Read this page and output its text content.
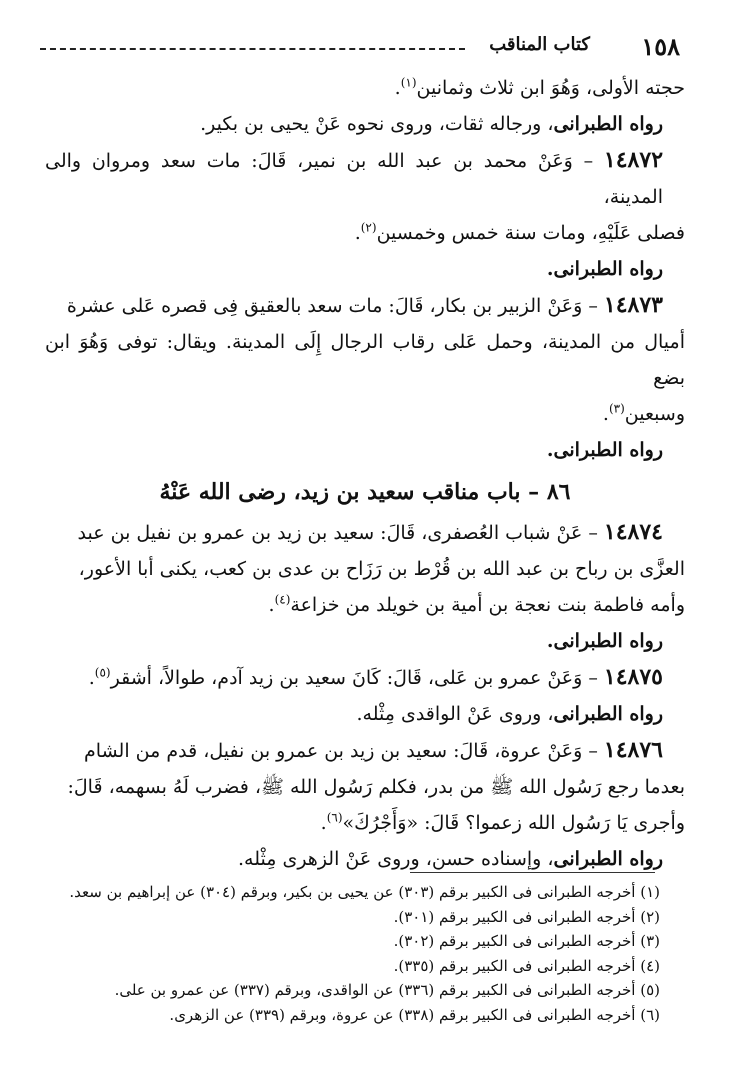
١٥٨
كتاب المناقب
حجته الأولى، وَهُوَ ابن ثلاث وثمانين$^{(١)}$.
رواه الطبرانى، ورجاله ثقات، وروى نحوه عَنْ يحيى بن بكير.
١٤٨٧٢ – وَعَنْ محمد بن عبد الله بن نمير، قَالَ: مات سعد ومروان والى المدينة،
فصلى عَلَيْهِ، ومات سنة خمس وخمسين$^{(٢)}$.
رواه الطبرانى.
١٤٨٧٣ – وَعَنْ الزبير بن بكار، قَالَ: مات سعد بالعقيق فِى قصره عَلى عشرة
أميال من المدينة، وحمل عَلى رقاب الرجال إِلَى المدينة. ويقال: توفى وَهُوَ ابن بضع
وسبعين$^{(٣)}$.
رواه الطبرانى.
٨٦ – باب مناقب سعيد بن زيد، رضى الله عَنْهُ
١٤٨٧٤ – عَنْ شباب العُصفرى، قَالَ: سعيد بن زيد بن عمرو بن نفيل بن عبد
العزَّى بن رباح بن عبد الله بن قُرْط بن رَزَاح بن عدى بن كعب، يكنى أبا الأعور،
وأمه فاطمة بنت نعجة بن أمية بن خويلد من خزاعة$^{(٤)}$.
رواه الطبرانى.
١٤٨٧٥ – وَعَنْ عمرو بن عَلى، قَالَ: كَانَ سعيد بن زيد آدم، طوالاً، أشقر$^{(٥)}$.
رواه الطبرانى، وروى عَنْ الواقدى مِثْله.
١٤٨٧٦ – وَعَنْ عروة، قَالَ: سعيد بن زيد بن عمرو بن نفيل، قدم من الشام
بعدما رجع رَسُول الله ﷺ من بدر، فكلم رَسُول الله ﷺ، فضرب لَهُ بسهمه، قَالَ:
وأجرى يَا رَسُول الله زعموا؟ قَالَ: «وَأَجْرُكَ»$^{(٦)}$.
رواه الطبرانى، وإسناده حسن، وروى عَنْ الزهرى مِثْله.
(١) أخرجه الطبرانى فى الكبير برقم (٣٠٣) عن يحيى بن بكير، وبرقم (٣٠٤) عن إبراهيم بن سعد.
(٢) أخرجه الطبرانى فى الكبير برقم (٣٠١).
(٣) أخرجه الطبرانى فى الكبير برقم (٣٠٢).
(٤) أخرجه الطبرانى فى الكبير برقم (٣٣٥).
(٥) أخرجه الطبرانى فى الكبير برقم (٣٣٦) عن الواقدى، وبرقم (٣٣٧) عن عمرو بن على.
(٦) أخرجه الطبرانى فى الكبير برقم (٣٣٨) عن عروة، وبرقم (٣٣٩) عن الزهرى.
